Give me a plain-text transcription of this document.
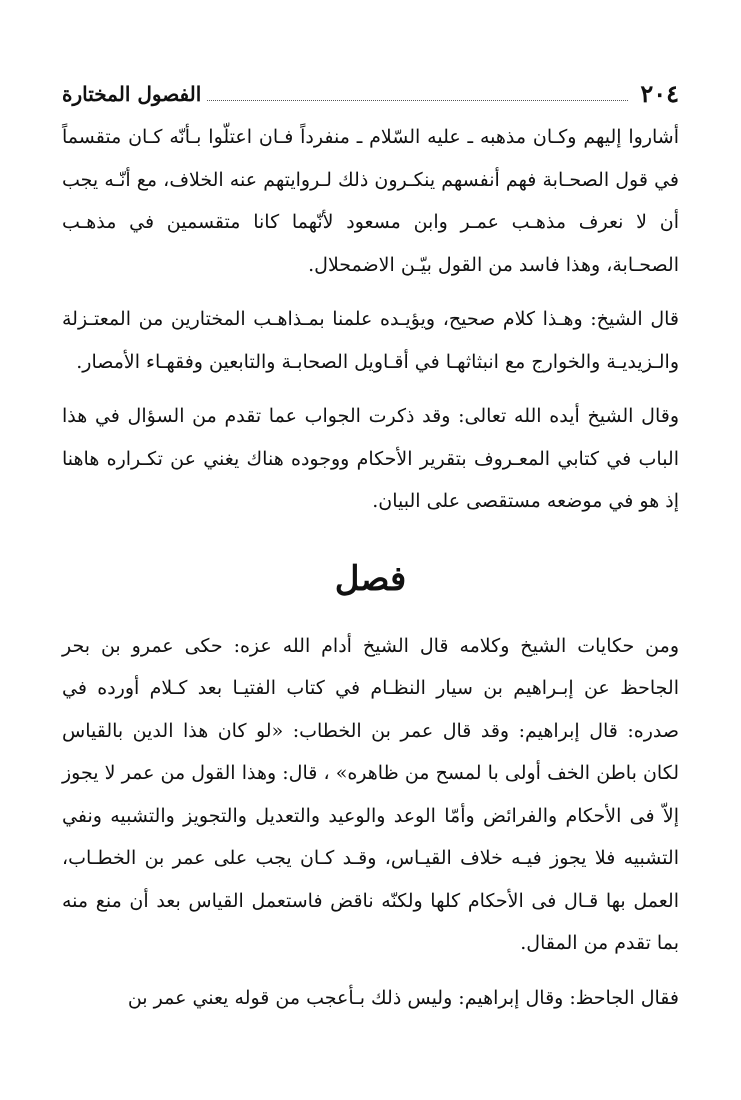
٢٠٤
الفصول المختارة

أشاروا إليهم وكـان مذهبه ـ عليه السّلام ـ منفرداً فـان اعتلّوا بـأنّه كـان متقسماً في قول الصحـابة فهم أنفسهم ينكـرون ذلك لـروايتهم عنه الخلاف، مع أنّـه يجب أن لا نعرف مذهـب عمـر وابن مسعود لأنّهما كانا متقسمين في مذهـب الصحـابة، وهذا فاسد من القول بيّـن الاضمحلال.

قال الشيخ: وهـذا كلام صحيح، ويؤيـده علمنا بمـذاهـب المختارين من المعتـزلة والـزيديـة والخوارج مع انبثاثهـا في أقـاويل الصحابـة والتابعين وفقهـاء الأمصار.

وقال الشيخ أيده الله تعالى: وقد ذكرت الجواب عما تقدم من السؤال في هذا الباب في كتابي المعـروف بتقرير الأحكام ووجوده هناك يغني عن تكـراره هاهنا إذ هو في موضعه مستقصى على البيان.

فصل

ومن حكايات الشيخ وكلامه قال الشيخ أدام الله عزه: حكى عمرو بن بحر الجاحظ عن إبـراهيم بن سيار النظـام في كتاب الفتيـا بعد كـلام أورده في صدره: قال إبراهيم: وقد قال عمر بن الخطاب: «لو كان هذا الدين بالقياس لكان باطن الخف أولى با لمسح من ظاهره» ، قال: وهذا القول من عمر لا يجوز إلاّ فى الأحكام والفرائض وأمّا الوعد والوعيد والتعديل والتجويز والتشبيه ونفي التشبيه فلا يجوز فيـه خلاف القيـاس، وقـد كـان يجب على عمر بن الخطـاب، العمل بها قـال فى الأحكام كلها ولكنّه ناقض فاستعمل القياس بعد أن منع منه بما تقدم من المقال.

فقال الجاحظ: وقال إبراهيم: وليس ذلك بـأعجب من قوله يعني عمر بن
